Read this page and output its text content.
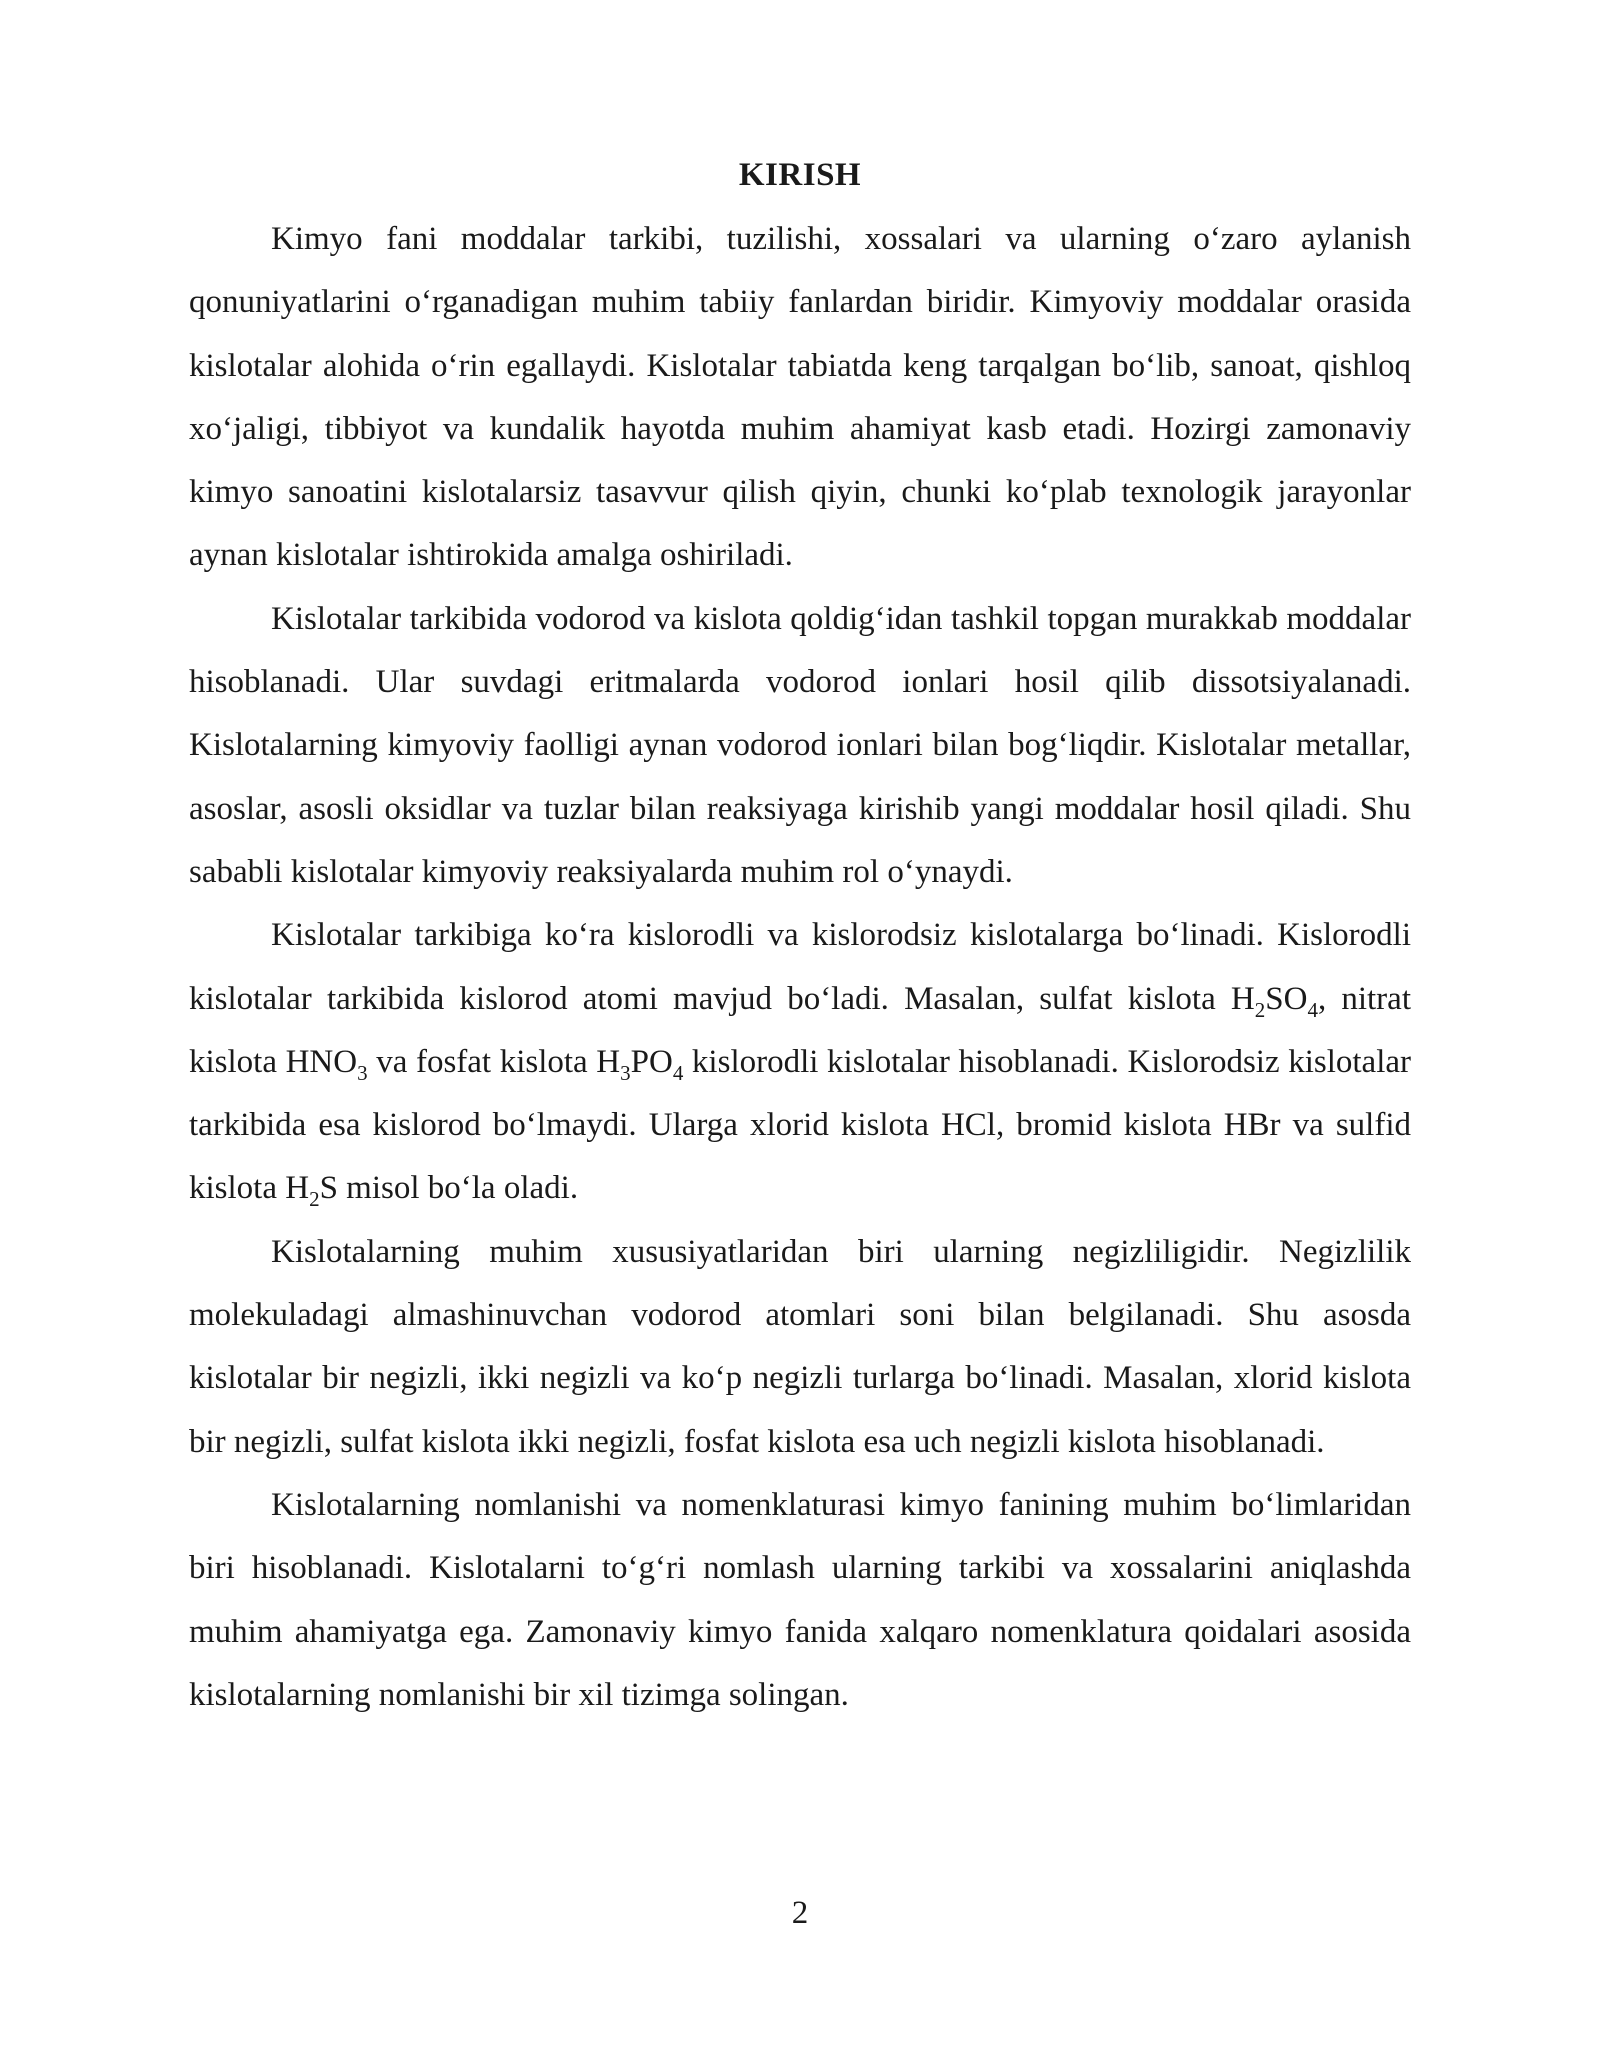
KIRISH

Kimyo fani moddalar tarkibi, tuzilishi, xossalari va ularning o‘zaro aylanish qonuniyatlarini o‘rganadigan muhim tabiiy fanlardan biridir. Kimyoviy moddalar orasida kislotalar alohida o‘rin egallaydi. Kislotalar tabiatda keng tarqalgan bo‘lib, sanoat, qishloq xo‘jaligi, tibbiyot va kundalik hayotda muhim ahamiyat kasb etadi. Hozirgi zamonaviy kimyo sanoatini kislotalarsiz tasavvur qilish qiyin, chunki ko‘plab texnologik jarayonlar aynan kislotalar ishtirokida amalga oshiriladi.

Kislotalar tarkibida vodorod va kislota qoldig‘idan tashkil topgan murakkab moddalar hisoblanadi. Ular suvdagi eritmalarda vodorod ionlari hosil qilib dissotsiyalanadi. Kislotalarning kimyoviy faolligi aynan vodorod ionlari bilan bog‘liqdir. Kislotalar metallar, asoslar, asosli oksidlar va tuzlar bilan reaksiyaga kirishib yangi moddalar hosil qiladi. Shu sababli kislotalar kimyoviy reaksiyalarda muhim rol o‘ynaydi.

Kislotalar tarkibiga ko‘ra kislorodli va kislorodsiz kislotalarga bo‘linadi. Kislorodli kislotalar tarkibida kislorod atomi mavjud bo‘ladi. Masalan, sulfat kislota $H_2SO_4$, nitrat kislota $HNO_3$ va fosfat kislota $H_3PO_4$ kislorodli kislotalar hisoblanadi. Kislorodsiz kislotalar tarkibida esa kislorod bo‘lmaydi. Ularga xlorid kislota HCl, bromid kislota HBr va sulfid kislota $H_2S$ misol bo‘la oladi.

Kislotalarning muhim xususiyatlaridan biri ularning negizliligidir. Negizlilik molekuladagi almashinuvchan vodorod atomlari soni bilan belgilanadi. Shu asosda kislotalar bir negizli, ikki negizli va ko‘p negizli turlarga bo‘linadi. Masalan, xlorid kislota bir negizli, sulfat kislota ikki negizli, fosfat kislota esa uch negizli kislota hisoblanadi.

Kislotalarning nomlanishi va nomenklaturasi kimyo fanining muhim bo‘limlaridan biri hisoblanadi. Kislotalarni to‘g‘ri nomlash ularning tarkibi va xossalarini aniqlashda muhim ahamiyatga ega. Zamonaviy kimyo fanida xalqaro nomenklatura qoidalari asosida kislotalarning nomlanishi bir xil tizimga solingan.

2
